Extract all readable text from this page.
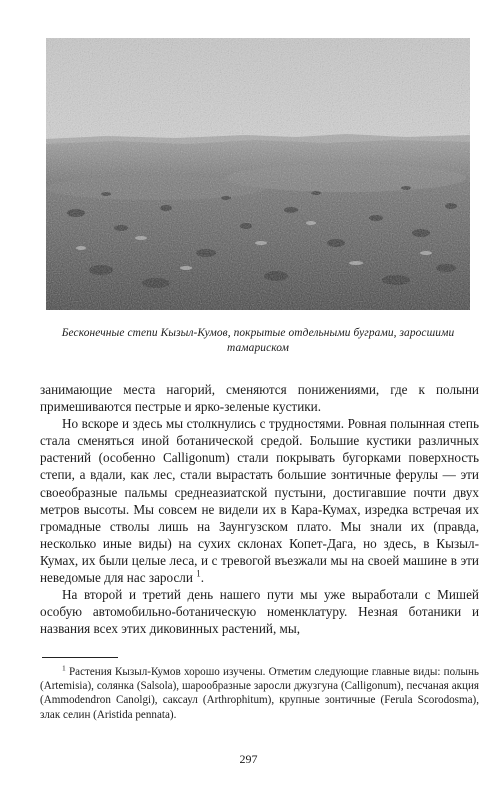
Бесконечные степи Кызыл-Кумов, покрытые отдельными буграми, заросшими тамариском

занимающие места нагорий, сменяются понижениями, где к полыни примешиваются пестрые и ярко-зеленые кустики.

Но вскоре и здесь мы столкнулись с трудностями. Ровная полынная степь стала сменяться иной ботанической средой. Большие кустики различных растений (особенно Calligonum) стали покрывать бугорками поверхность степи, а вдали, как лес, стали вырастать большие зонтичные ферулы — эти своеобразные пальмы среднеазиатской пустыни, достигавшие почти двух метров высоты. Мы совсем не видели их в Кара-Кумах, изредка встречая их громадные стволы лишь на Заунгузском плато. Мы знали их (правда, несколько иные виды) на сухих склонах Копет-Дага, но здесь, в Кызыл-Кумах, их были целые леса, и с тревогой въезжали мы на своей машине в эти неведомые для нас заросли $^1$.

На второй и третий день нашего пути мы уже выработали с Мишей особую автомобильно-ботаническую номенклатуру. Незная ботаники и названия всех этих диковинных растений, мы,

$^1$ Растения Кызыл-Кумов хорошо изучены. Отметим следующие главные виды: полынь (Artemisia), солянка (Salsola), шарообразные заросли джузгуна (Calligonum), песчаная акция (Ammodendron Canolgi), саксаул (Arthrophitum), крупные зонтичные (Ferula Scorodosma), злак селин (Aristida pennata).
297
